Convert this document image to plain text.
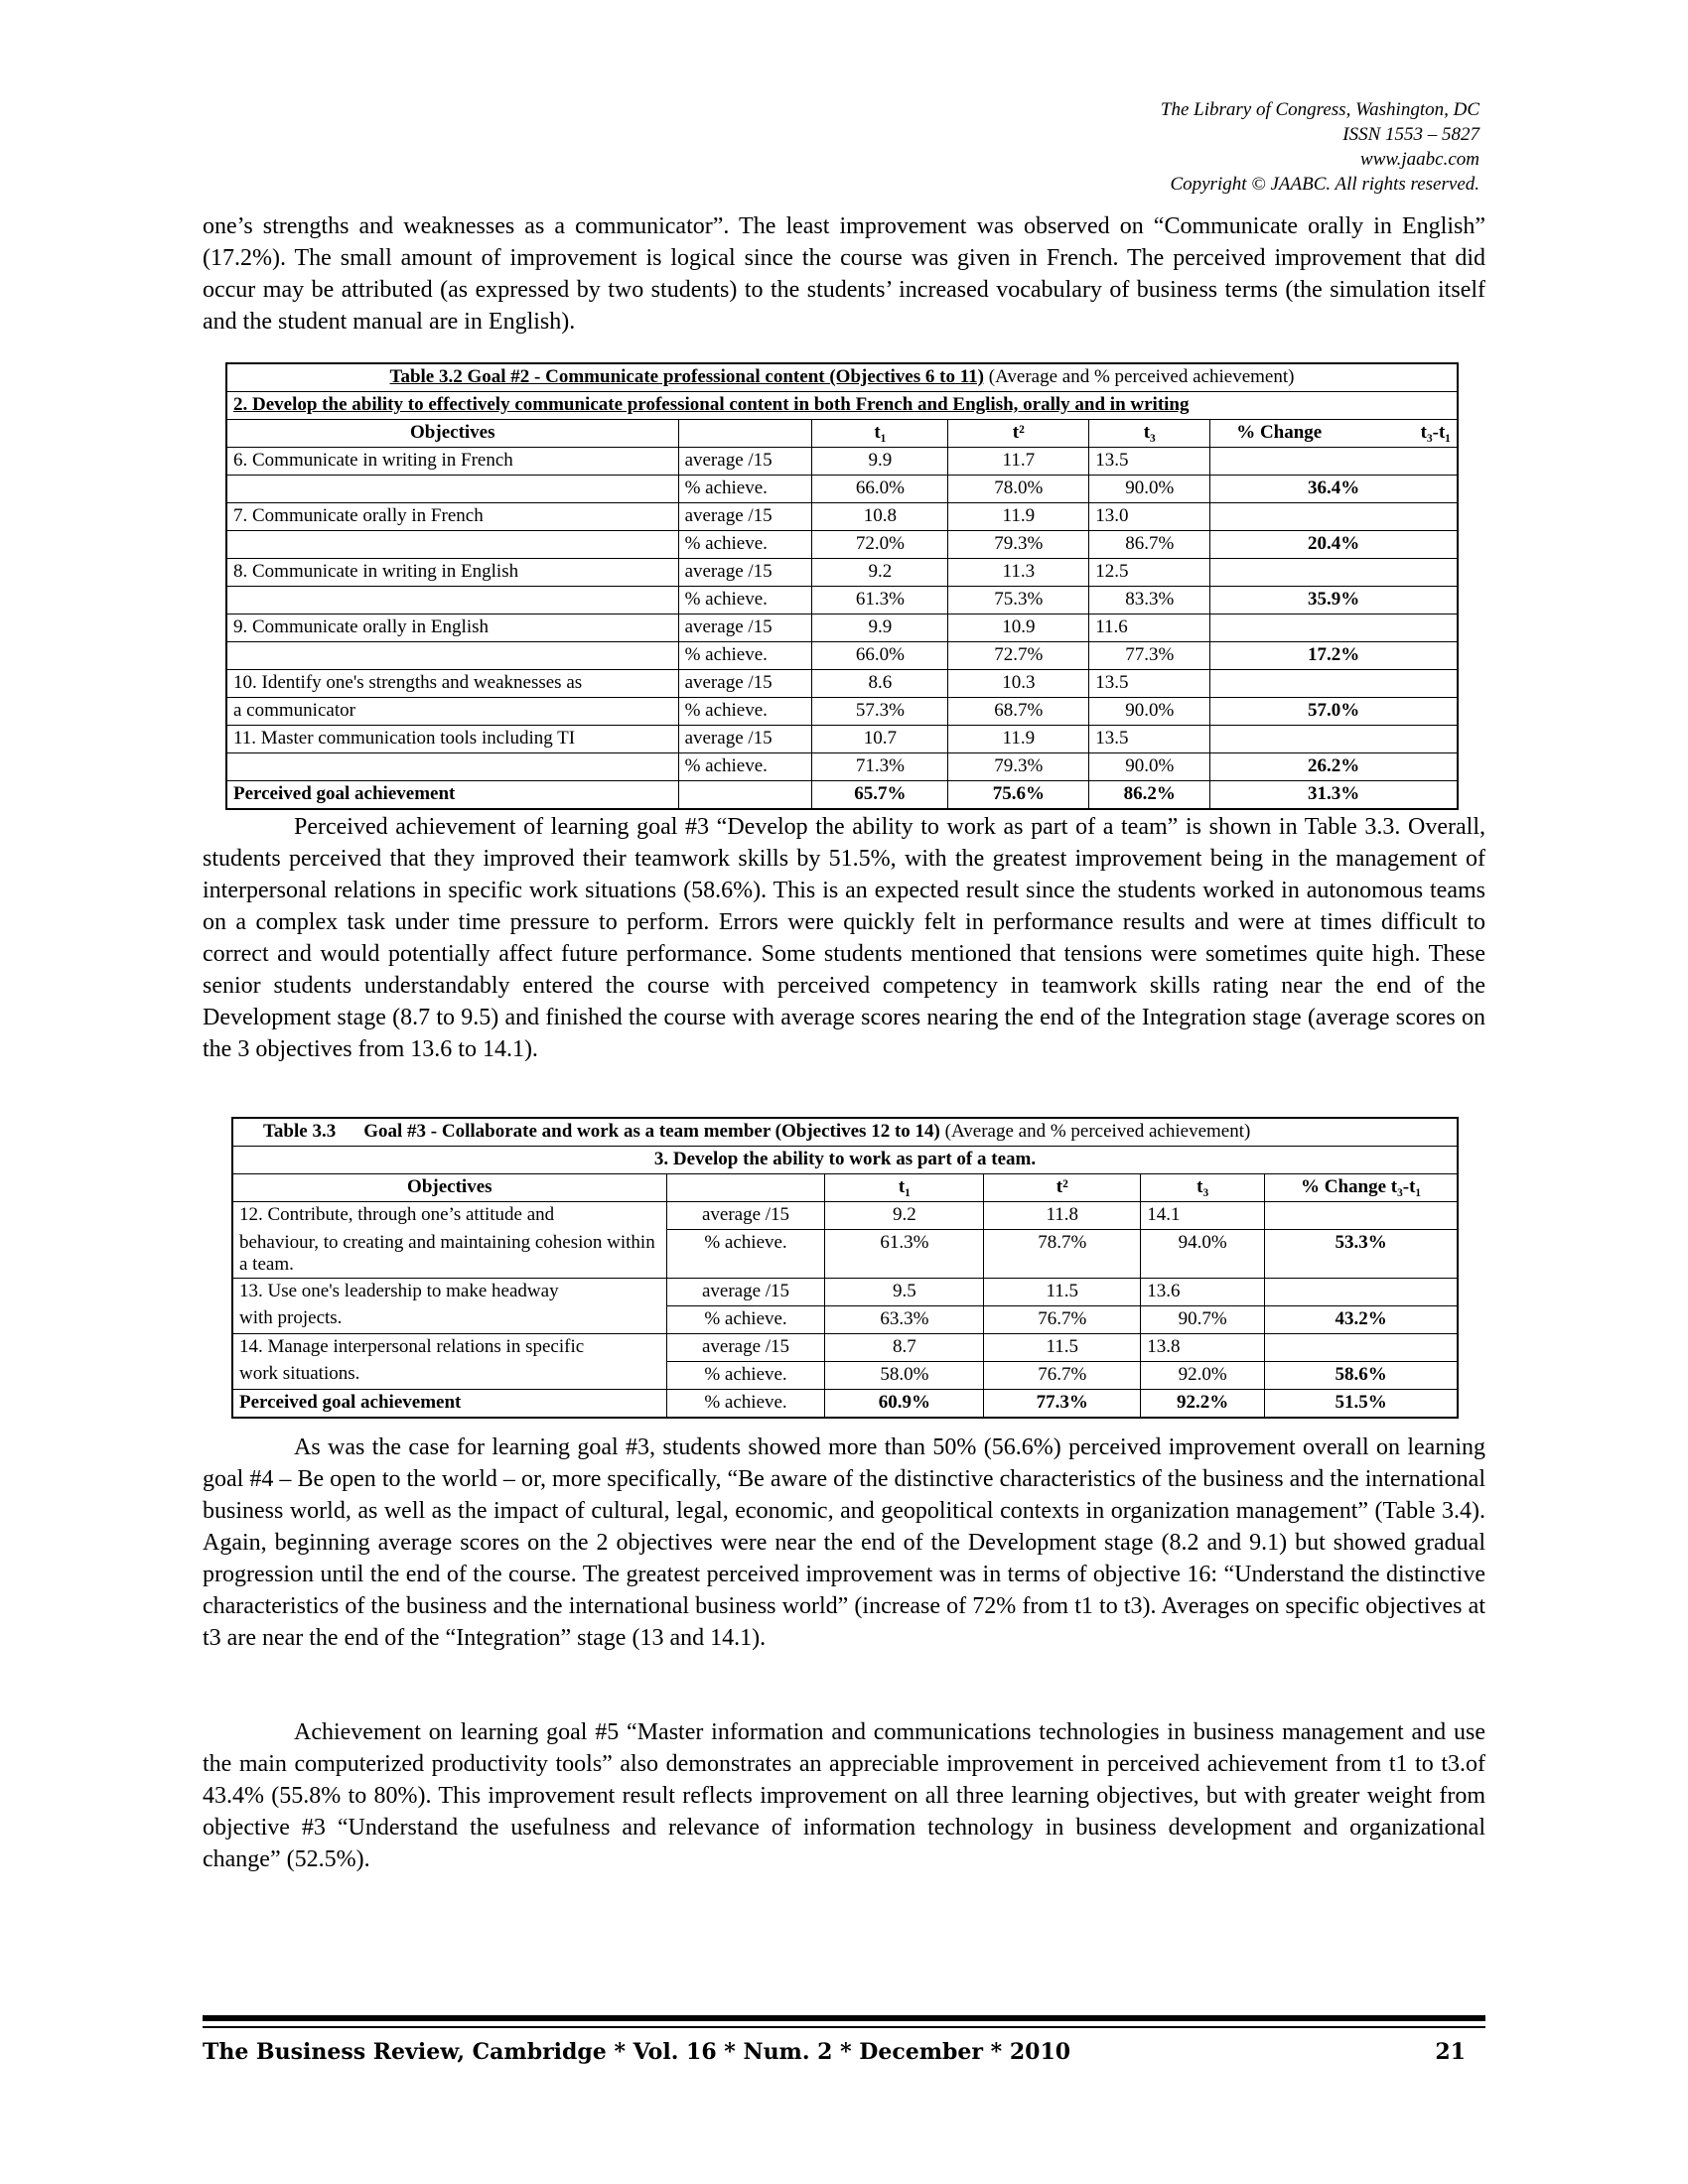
The Library of Congress, Washington, DC
ISSN 1553 – 5827
www.jaabc.com
Copyright © JAABC. All rights reserved.
one’s strengths and weaknesses as a communicator”. The least improvement was observed on “Communicate orally in English” (17.2%). The small amount of improvement is logical since the course was given in French. The perceived improvement that did occur may be attributed (as expressed by two students) to the students’ increased vocabulary of business terms (the simulation itself and the student manual are in English).
Table 3.2 Goal #2 - Communicate professional content (Objectives 6 to 11) (Average and % perceived achievement)					
2. Develop the ability to effectively communicate professional content in both French and English, orally and in writing					
Objectives		t₁	t²	t₃	% Change t₃-t₁

6. Communicate in writing in French	average /15	9.9	11.7	13.5	
	% achieve.	66.0%	78.0%	90.0%	36.4%
7. Communicate orally in French	average /15	10.8	11.9	13.0	
	% achieve.	72.0%	79.3%	86.7%	20.4%
8. Communicate in writing in English	average /15	9.2	11.3	12.5	
	% achieve.	61.3%	75.3%	83.3%	35.9%
9. Communicate orally in English	average /15	9.9	10.9	11.6	
	% achieve.	66.0%	72.7%	77.3%	17.2%
10. Identify one's strengths and weaknesses as	average /15	8.6	10.3	13.5	
a communicator	% achieve.	57.3%	68.7%	90.0%	57.0%
11. Master communication tools including TI	average /15	10.7	11.9	13.5	
	% achieve.	71.3%	79.3%	90.0%	26.2%
Perceived goal achievement		65.7%	75.6%	86.2%	31.3%
Perceived achievement of learning goal #3 “Develop the ability to work as part of a team” is shown in Table 3.3. Overall, students perceived that they improved their teamwork skills by 51.5%, with the greatest improvement being in the management of interpersonal relations in specific work situations (58.6%). This is an expected result since the students worked in autonomous teams on a complex task under time pressure to perform. Errors were quickly felt in performance results and were at times difficult to correct and would potentially affect future performance. Some students mentioned that tensions were sometimes quite high. These senior students understandably entered the course with perceived competency in teamwork skills rating near the end of the Development stage (8.7 to 9.5) and finished the course with average scores nearing the end of the Integration stage (average scores on the 3 objectives from 13.6 to 14.1).
Table 3.3 Goal #3 - Collaborate and work as a team member (Objectives 12 to 14) (Average and % perceived achievement)					
3. Develop the ability to work as part of a team.					
Objectives		t₁	t²	t₃	% Change t₃-t₁
12. Contribute, through one’s attitude and	average /15	9.2	11.8	14.1	
behaviour, to creating and maintaining cohesion within a team.	% achieve.	61.3%	78.7%	94.0%	53.3%
13. Use one's leadership to make headway	average /15	9.5	11.5	13.6	
with projects.	% achieve.	63.3%	76.7%	90.7%	43.2%
14. Manage interpersonal relations in specific	average /15	8.7	11.5	13.8	
work situations.	% achieve.	58.0%	76.7%	92.0%	58.6%
Perceived goal achievement	% achieve.	60.9%	77.3%	92.2%	51.5%
As was the case for learning goal #3, students showed more than 50% (56.6%) perceived improvement overall on learning goal #4 – Be open to the world – or, more specifically, “Be aware of the distinctive characteristics of the business and the international business world, as well as the impact of cultural, legal, economic, and geopolitical contexts in organization management” (Table 3.4). Again, beginning average scores on the 2 objectives were near the end of the Development stage (8.2 and 9.1) but showed gradual progression until the end of the course. The greatest perceived improvement was in terms of objective 16: “Understand the distinctive characteristics of the business and the international business world” (increase of 72% from t1 to t3). Averages on specific objectives at t3 are near the end of the “Integration” stage (13 and 14.1).
Achievement on learning goal #5 “Master information and communications technologies in business management and use the main computerized productivity tools” also demonstrates an appreciable improvement in perceived achievement from t1 to t3.of 43.4% (55.8% to 80%). This improvement result reflects improvement on all three learning objectives, but with greater weight from objective #3 “Understand the usefulness and relevance of information technology in business development and organizational change” (52.5%).
The Business Review, Cambridge * Vol. 16 * Num. 2 * December * 2010	21
